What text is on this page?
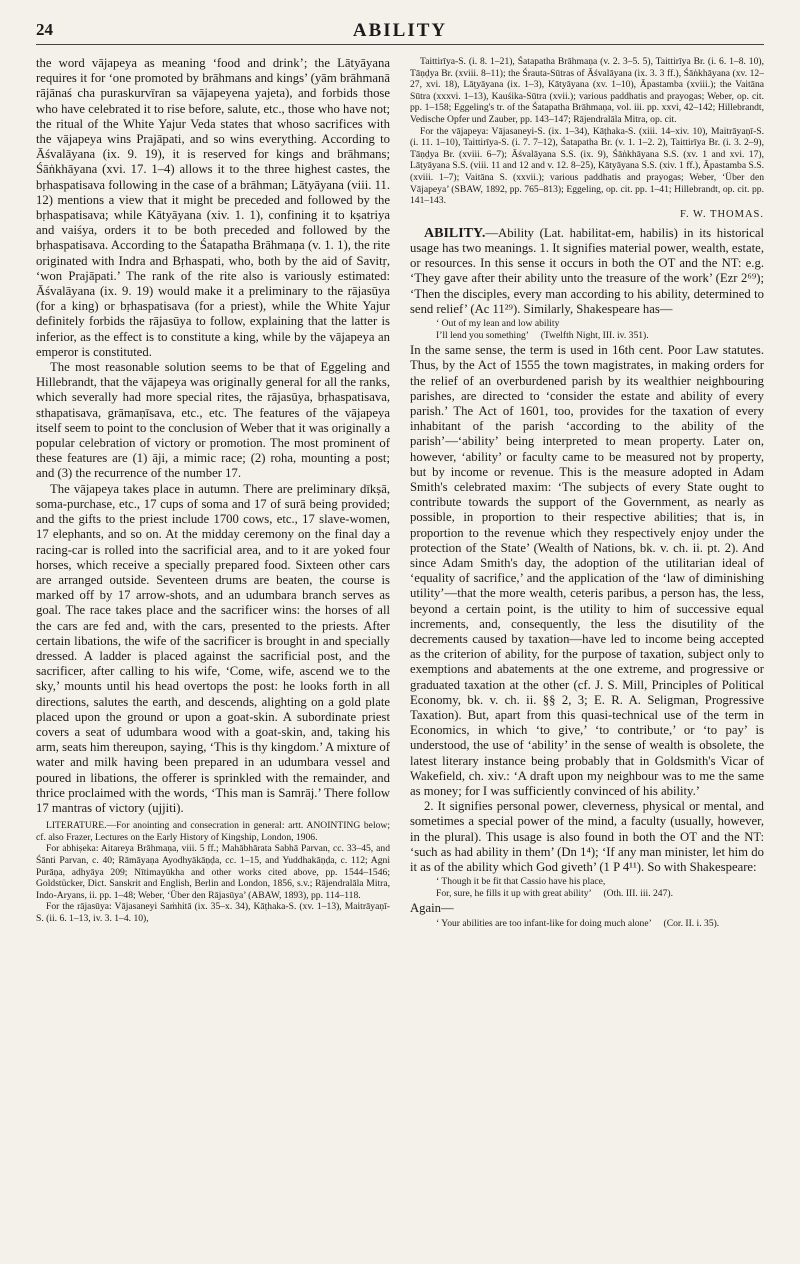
24	ABILITY

the word vājapeya as meaning ‘food and drink’; the Lātyāyana requires it for ‘one promoted by brāhmans and kings’ (yām brāhmanā rājānaś cha puraskurvīran sa vājapeyena yajeta), and forbids those who have celebrated it to rise before, salute, etc., those who have not; the ritual of the White Yajur Veda states that whoso sacrifices with the vājapeya wins Prajāpati, and so wins everything. According to Āśvalāyana (ix. 9. 19), it is reserved for kings and brāhmans; Śāṅkhāyana (xvi. 17. 1–4) allows it to the three highest castes, the bṛhaspatisava following in the case of a brāhman; Lātyāyana (viii. 11. 12) mentions a view that it might be preceded and followed by the bṛhaspatisava; while Kātyāyana (xiv. 1. 1), confining it to kṣatriya and vaiśya, orders it to be both preceded and followed by the bṛhaspatisava. According to the Śatapatha Brāhmaṇa (v. 1. 1), the rite originated with Indra and Bṛhaspati, who, both by the aid of Savitṛ, ‘won Prajāpati.’ The rank of the rite also is variously estimated: Āśvalāyana (ix. 9. 19) would make it a preliminary to the rājasūya (for a king) or bṛhaspatisava (for a priest), while the White Yajur definitely forbids the rājasūya to follow, explaining that the latter is inferior, as the effect is to constitute a king, while by the vājapeya an emperor is constituted.

The most reasonable solution seems to be that of Eggeling and Hillebrandt, that the vājapeya was originally general for all the ranks, which severally had more special rites, the rājasūya, bṛhaspatisava, sthapatisava, grāmaṇīsava, etc., etc. The features of the vājapeya itself seem to point to the conclusion of Weber that it was originally a popular celebration of victory or promotion. The most prominent of these features are (1) āji, a mimic race; (2) roha, mounting a post; and (3) the recurrence of the number 17.

The vājapeya takes place in autumn. There are preliminary dīkṣā, soma-purchase, etc., 17 cups of soma and 17 of surā being provided; and the gifts to the priest include 1700 cows, etc., 17 slave-women, 17 elephants, and so on. At the midday ceremony on the final day a racing-car is rolled into the sacrificial area, and to it are yoked four horses, which receive a specially prepared food. Sixteen other cars are arranged outside. Seventeen drums are beaten, the course is marked off by 17 arrow-shots, and an udumbara branch serves as goal. The race takes place and the sacrificer wins: the horses of all the cars are fed and, with the cars, presented to the priests. After certain libations, the wife of the sacrificer is brought in and specially dressed. A ladder is placed against the sacrificial post, and the sacrificer, after calling to his wife, ‘Come, wife, ascend we to the sky,’ mounts until his head overtops the post: he looks forth in all directions, salutes the earth, and descends, alighting on a gold plate placed upon the ground or upon a goat-skin. A subordinate priest covers a seat of udumbara wood with a goat-skin, and, taking his arm, seats him thereupon, saying, ‘This is thy kingdom.’ A mixture of water and milk having been prepared in an udumbara vessel and poured in libations, the offerer is sprinkled with the remainder, and thrice proclaimed with the words, ‘This man is Samrāj.’ There follow 17 mantras of victory (ujjiti).

LITERATURE.—For anointing and consecration in general: artt. ANOINTING below; cf. also Frazer, Lectures on the Early History of Kingship, London, 1906.

For abhiṣeka: Aitareya Brāhmaṇa, viii. 5 ff.; Mahābhārata Sabhā Parvan, cc. 33–45, and Śānti Parvan, c. 40; Rāmāyaṇa Ayodhyākāṇḍa, cc. 1–15, and Yuddhakāṇḍa, c. 112; Agni Purāṇa, adhyāya 209; Nītimayūkha and other works cited above, pp. 1544–1546; Goldstücker, Dict. Sanskrit and English, Berlin and London, 1856, s.v.; Rājendralāla Mitra, Indo-Aryans, ii. pp. 1–48; Weber, ‘Über den Rājasūya’ (ABAW, 1893), pp. 114–118.

For the rājasūya: Vājasaneyi Saṁhitā (ix. 35–x. 34), Kāṭhaka-S. (xv. 1–13), Maitrāyaṇī-S. (ii. 6. 1–13, iv. 3. 1–4. 10),

Taittirīya-S. (i. 8. 1–21), Śatapatha Brāhmaṇa (v. 2. 3–5. 5), Taittirīya Br. (i. 6. 1–8. 10), Tāṇḍya Br. (xviii. 8–11); the Śrauta-Sūtras of Āśvalāyana (ix. 3. 3 ff.), Śāṅkhāyana (xv. 12–27, xvi. 18), Lāṭyāyana (ix. 1–3), Kātyāyana (xv. 1–10), Āpastamba (xviii.); the Vaitāna Sūtra (xxxvi. 1–13), Kauśika-Sūtra (xvii.); various paddhatis and prayogas; Weber, op. cit. pp. 1–158; Eggeling's tr. of the Śatapatha Brāhmaṇa, vol. iii. pp. xxvi, 42–142; Hillebrandt, Vedische Opfer und Zauber, pp. 143–147; Rājendralāla Mitra, op. cit.

For the vājapeya: Vājasaneyi-S. (ix. 1–34), Kāṭhaka-S. (xiii. 14–xiv. 10), Maitrāyaṇī-S. (i. 11. 1–10), Taittirīya-S. (i. 7. 7–12), Śatapatha Br. (v. 1. 1–2. 2), Taittirīya Br. (i. 3. 2–9), Tāṇḍya Br. (xviii. 6–7); Āśvalāyana S.S. (ix. 9), Śāṅkhāyana S.S. (xv. 1 and xvi. 17), Lāṭyāyana S.S. (viii. 11 and 12 and v. 12. 8–25), Kātyāyana S.S. (xiv. 1 ff.), Āpastamba S.S. (xviii. 1–7); Vaitāna S. (xxvii.); various paddhatis and prayogas; Weber, ‘Über den Vājapeya’ (SBAW, 1892, pp. 765–813); Eggeling, op. cit. pp. 1–41; Hillebrandt, op. cit. pp. 141–143.

F. W. THOMAS.

ABILITY.—Ability (Lat. habilitat-em, habilis) in its historical usage has two meanings. 1. It signifies material power, wealth, estate, or resources. In this sense it occurs in both the OT and the NT: e.g. ‘They gave after their ability unto the treasure of the work’ (Ezr 2⁶⁹); ‘Then the disciples, every man according to his ability, determined to send relief’ (Ac 11²⁹). Similarly, Shakespeare has—

‘ Out of my lean and low ability
I’ll lend you something’ (Twelfth Night, III. iv. 351).

In the same sense, the term is used in 16th cent. Poor Law statutes. Thus, by the Act of 1555 the town magistrates, in making orders for the relief of an overburdened parish by its wealthier neighbouring parishes, are directed to ‘consider the estate and ability of every parish.’ The Act of 1601, too, provides for the taxation of every inhabitant of the parish ‘according to the ability of the parish’—‘ability’ being interpreted to mean property. Later on, however, ‘ability’ or faculty came to be measured not by property, but by income or revenue. This is the measure adopted in Adam Smith's celebrated maxim: ‘The subjects of every State ought to contribute towards the support of the Government, as nearly as possible, in proportion to their respective abilities; that is, in proportion to the revenue which they respectively enjoy under the protection of the State’ (Wealth of Nations, bk. v. ch. ii. pt. 2). And since Adam Smith's day, the adoption of the utilitarian ideal of ‘equality of sacrifice,’ and the application of the ‘law of diminishing utility’—that the more wealth, ceteris paribus, a person has, the less, beyond a certain point, is the utility to him of successive equal increments, and, consequently, the less the disutility of the decrements caused by taxation—have led to income being accepted as the criterion of ability, for the purpose of taxation, subject only to exemptions and abatements at the one extreme, and progressive or graduated taxation at the other (cf. J. S. Mill, Principles of Political Economy, bk. v. ch. ii. §§ 2, 3; E. R. A. Seligman, Progressive Taxation). But, apart from this quasi-technical use of the term in Economics, in which ‘to give,’ ‘to contribute,’ or ‘to pay’ is understood, the use of ‘ability’ in the sense of wealth is obsolete, the latest literary instance being probably that in Goldsmith's Vicar of Wakefield, ch. xiv.: ‘A draft upon my neighbour was to me the same as money; for I was sufficiently convinced of his ability.’

2. It signifies personal power, cleverness, physical or mental, and sometimes a special power of the mind, a faculty (usually, however, in the plural). This usage is also found in both the OT and the NT: ‘such as had ability in them’ (Dn 1⁴); ‘If any man minister, let him do it as of the ability which God giveth’ (1 P 4¹¹). So with Shakespeare:

‘ Though it be fit that Cassio have his place,
For, sure, he fills it up with great ability’ (Oth. III. iii. 247).

Again—

‘ Your abilities are too infant-like for doing much alone’ (Cor. II. i. 35).
